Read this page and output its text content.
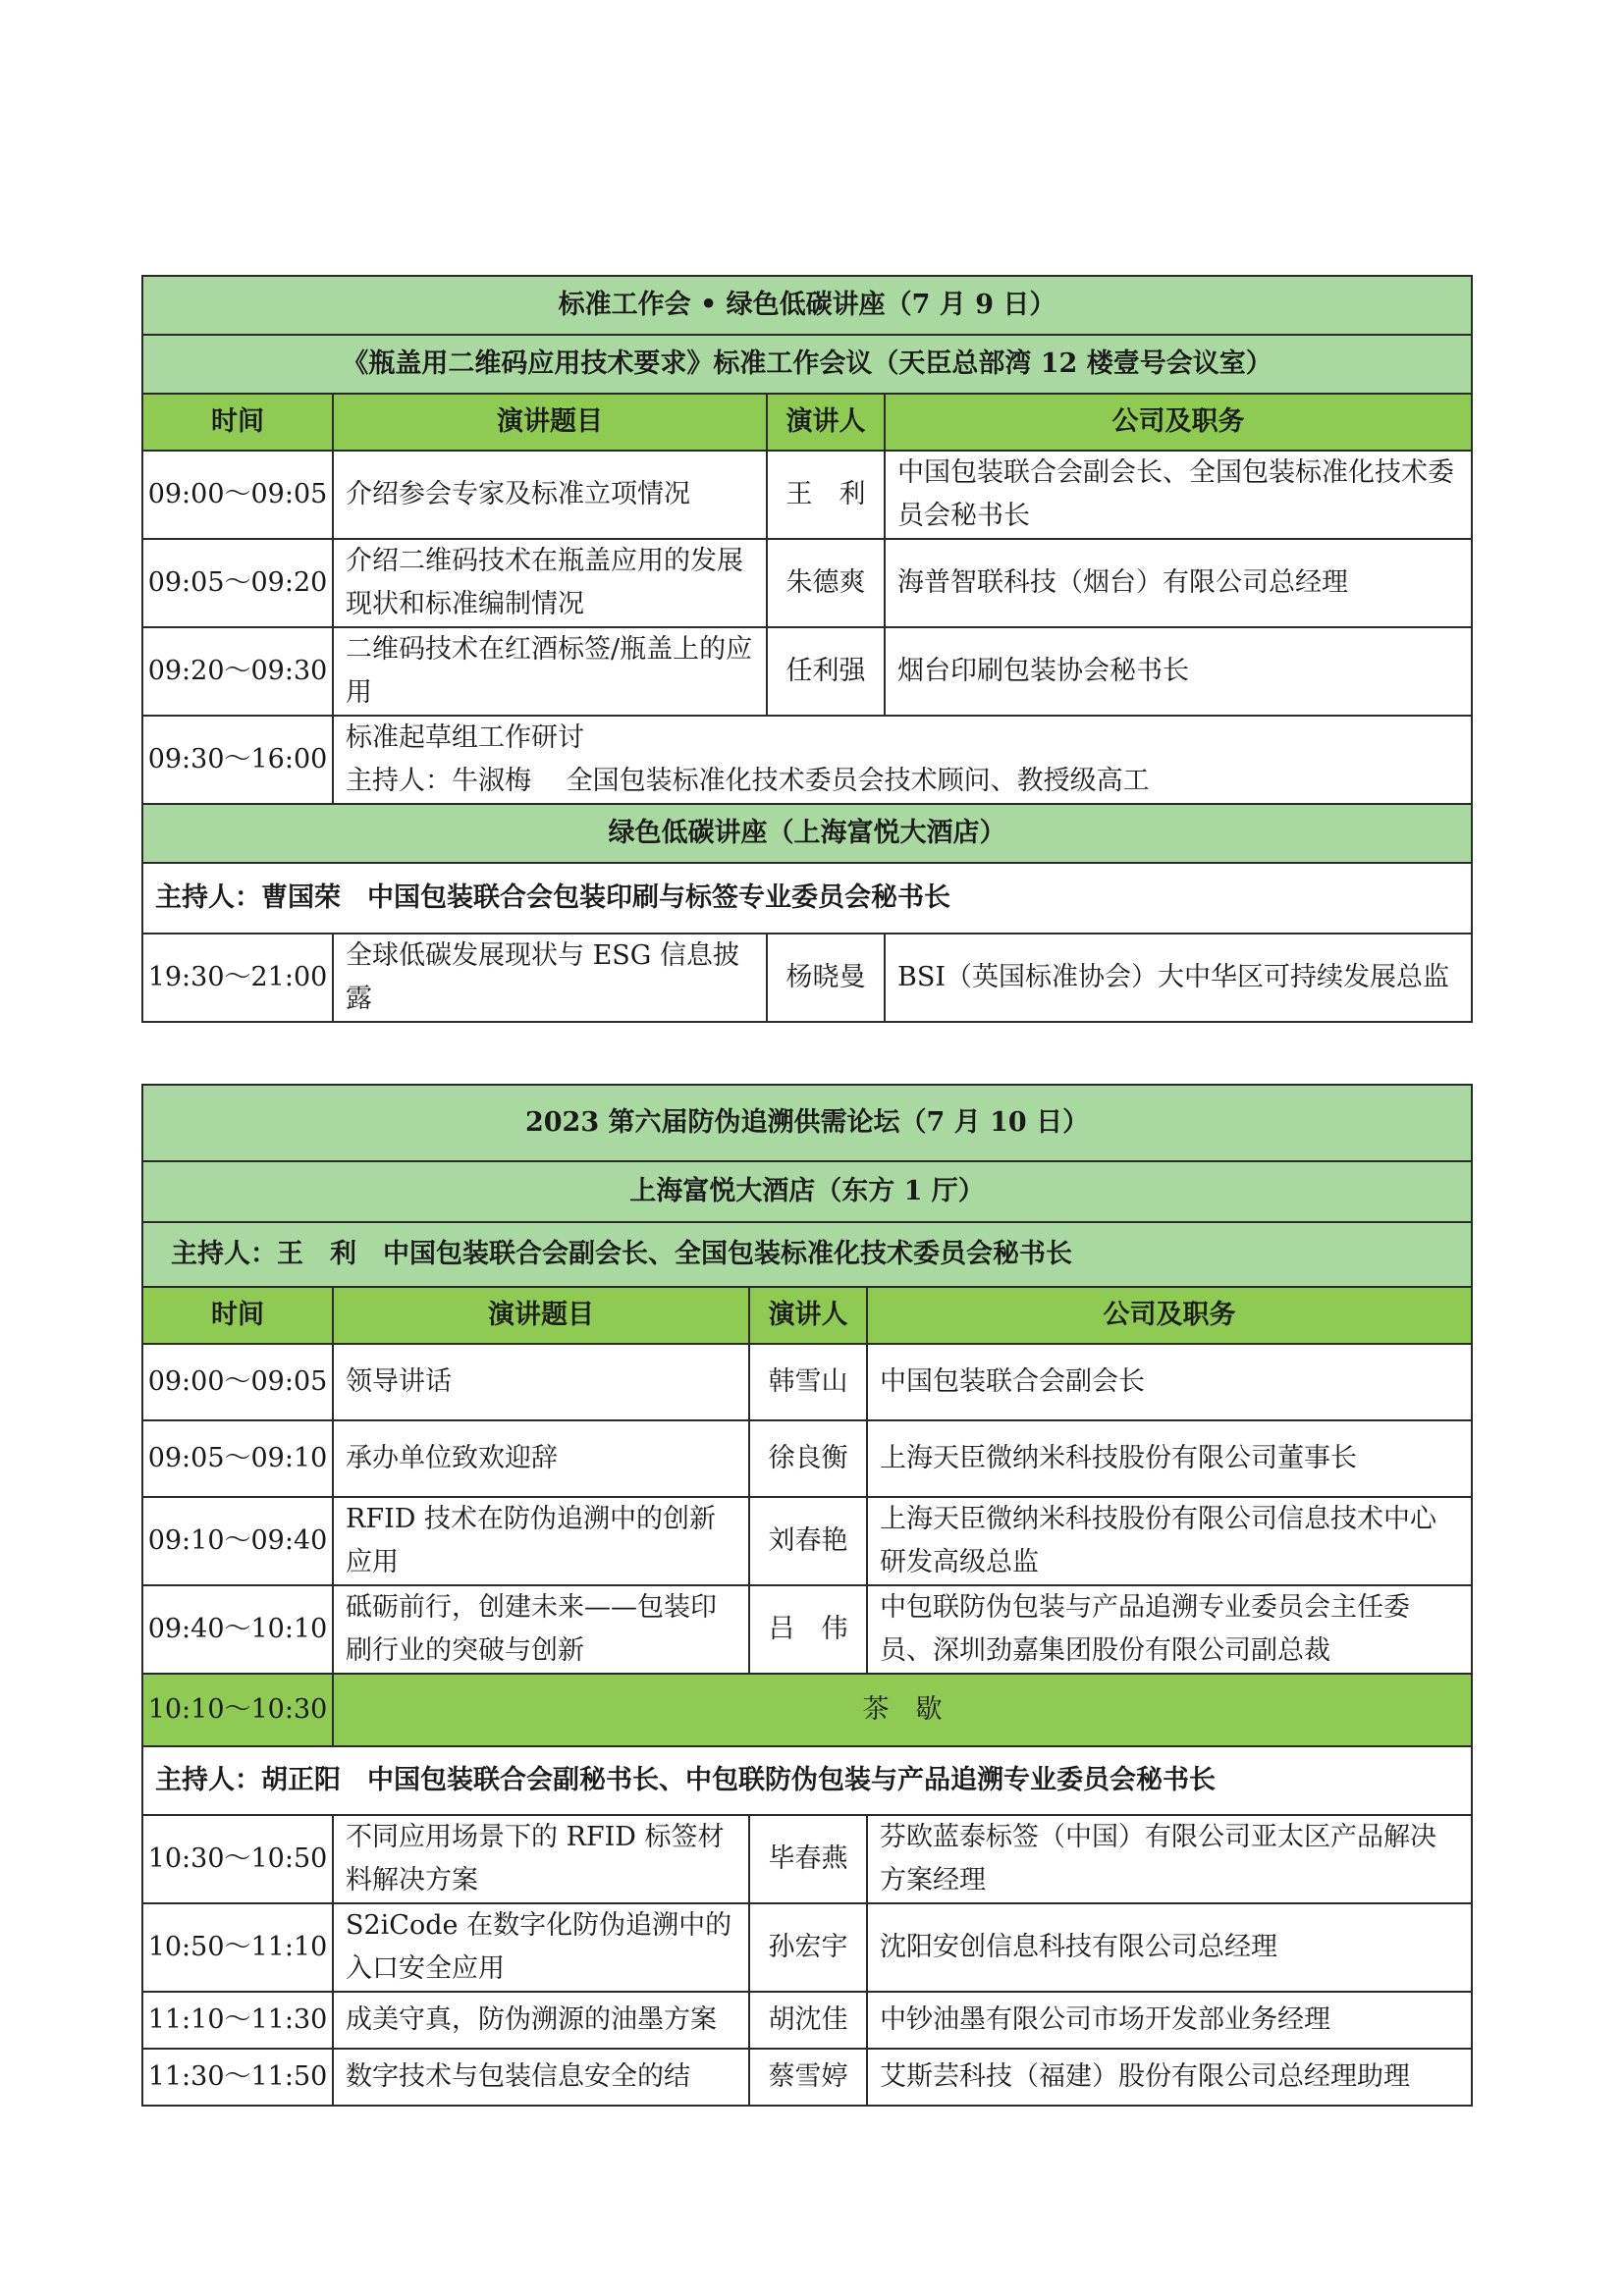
标准工作会 • 绿色低碳讲座（7 月 9 日）			
《瓶盖用二维码应用技术要求》标准工作会议（天臣总部湾 12 楼壹号会议室）			
时间	演讲题目	演讲人	公司及职务
09:00～09:05	介绍参会专家及标准立项情况	王　利	中国包装联合会副会长、全国包装标准化技术委员会秘书长
09:05～09:20	介绍二维码技术在瓶盖应用的发展现状和标准编制情况	朱德爽	海普智联科技（烟台）有限公司总经理
09:20～09:30	二维码技术在红酒标签/瓶盖上的应用	任利强	烟台印刷包装协会秘书长
09:30～16:00	标准起草组工作研讨
主持人：牛淑梅　 全国包装标准化技术委员会技术顾问、教授级高工		

绿色低碳讲座（上海富悦大酒店）			
主持人：曹国荣　中国包装联合会包装印刷与标签专业委员会秘书长			
19:30～21:00	全球低碳发展现状与 ESG 信息披露	杨晓曼	BSI（英国标准协会）大中华区可持续发展总监
2023 第六届防伪追溯供需论坛（7 月 10 日）			
上海富悦大酒店（东方 1 厅）			
主持人：王　利　中国包装联合会副会长、全国包装标准化技术委员会秘书长			
时间	演讲题目	演讲人	公司及职务
09:00～09:05	领导讲话	韩雪山	中国包装联合会副会长
09:05～09:10	承办单位致欢迎辞	徐良衡	上海天臣微纳米科技股份有限公司董事长
09:10～09:40	RFID 技术在防伪追溯中的创新应用	刘春艳	上海天臣微纳米科技股份有限公司信息技术中心研发高级总监
09:40～10:10	砥砺前行，创建未来——包装印刷行业的突破与创新	吕　伟	中包联防伪包装与产品追溯专业委员会主任委员、深圳劲嘉集团股份有限公司副总裁
10:10～10:30	茶　歇		
主持人：胡正阳　中国包装联合会副秘书长、中包联防伪包装与产品追溯专业委员会秘书长			
10:30～10:50	不同应用场景下的 RFID 标签材料解决方案	毕春燕	芬欧蓝泰标签（中国）有限公司亚太区产品解决方案经理
10:50～11:10	S2iCode 在数字化防伪追溯中的入口安全应用	孙宏宇	沈阳安创信息科技有限公司总经理
11:10～11:30	成美守真，防伪溯源的油墨方案	胡沈佳	中钞油墨有限公司市场开发部业务经理
11:30～11:50	数字技术与包装信息安全的结	蔡雪婷	艾斯芸科技（福建）股份有限公司总经理助理
